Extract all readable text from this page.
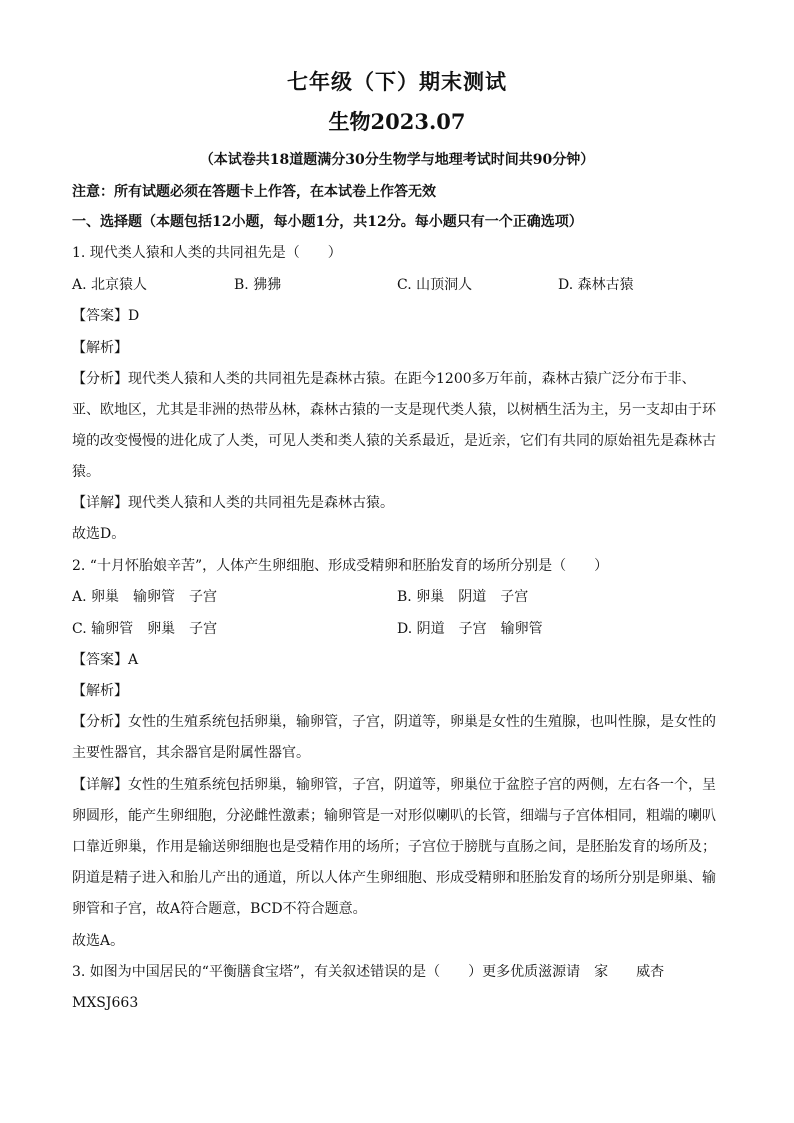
七年级（下）期末测试
生物2023.07
（本试卷共18道题满分30分生物学与地理考试时间共90分钟）
注意：所有试题必须在答题卡上作答，在本试卷上作答无效
一、选择题（本题包括12小题，每小题1分，共12分。每小题只有一个正确选项）
1. 现代类人猿和人类的共同祖先是（　　）
A. 北京猿人	B. 狒狒	C. 山顶洞人	D. 森林古猿
【答案】D
【解析】
【分析】现代类人猿和人类的共同祖先是森林古猿。在距今1200多万年前，森林古猿广泛分布于非、
亚、欧地区，尤其是非洲的热带丛林，森林古猿的一支是现代类人猿，以树栖生活为主，另一支却由于环
境的改变慢慢的进化成了人类，可见人类和类人猿的关系最近，是近亲，它们有共同的原始祖先是森林古
猿。
【详解】现代类人猿和人类的共同祖先是森林古猿。
故选D。
2. “十月怀胎娘辛苦”，人体产生卵细胞、形成受精卵和胚胎发育的场所分别是（　　）
A. 卵巢　输卵管　子宫	B. 卵巢　阴道　子宫
C. 输卵管　卵巢　子宫	D. 阴道　子宫　输卵管
【答案】A
【解析】
【分析】女性的生殖系统包括卵巢，输卵管，子宫，阴道等，卵巢是女性的生殖腺，也叫性腺，是女性的
主要性器官，其余器官是附属性器官。
【详解】女性的生殖系统包括卵巢，输卵管，子宫，阴道等，卵巢位于盆腔子宫的两侧，左右各一个，呈
卵圆形，能产生卵细胞，分泌雌性激素；输卵管是一对形似喇叭的长管，细端与子宫体相同，粗端的喇叭
口靠近卵巢，作用是输送卵细胞也是受精作用的场所；子宫位于膀胱与直肠之间，是胚胎发育的场所及；
阴道是精子进入和胎儿产出的通道，所以人体产生卵细胞、形成受精卵和胚胎发育的场所分别是卵巢、输
卵管和子宫，故A符合题意，BCD不符合题意。
故选A。
3. 如图为中国居民的“平衡膳食宝塔”，有关叙述错误的是（　　）更多优质滋源请　家　　威杏
MXSJ663
